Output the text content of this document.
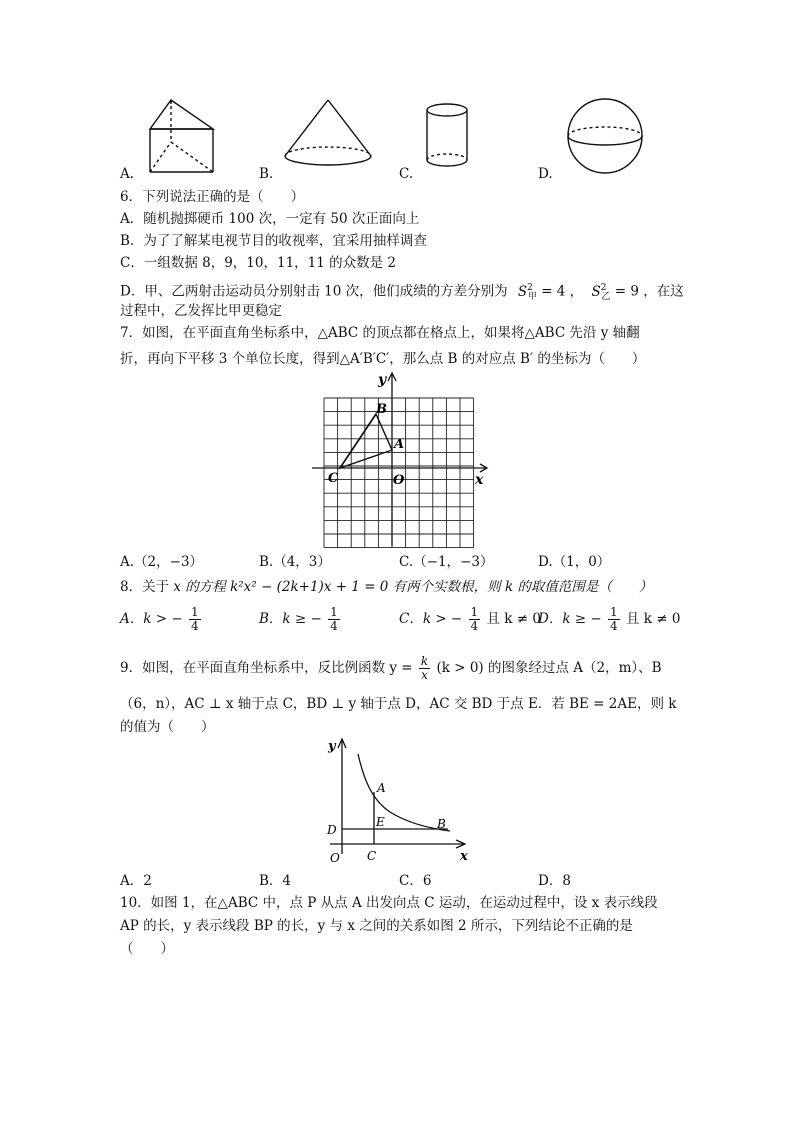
A.	B.	C.	D.
6．下列说法正确的是（　　）
A．随机抛掷硬币 100 次，一定有 50 次正面向上
B．为了了解某电视节目的收视率，宜采用抽样调查
C．一组数据 8，9，10，11，11 的众数是 2
D．甲、乙两射击运动员分别射击 10 次，他们成绩的方差分别为 $S^2_甲 = 4$ ， $S^2_乙 = 9$ ，在这
过程中，乙发挥比甲更稳定
7．如图，在平面直角坐标系中，△ABC 的顶点都在格点上，如果将△ABC 先沿 y 轴翻
折，再向下平移 3 个单位长度，得到△A′B′C′，那么点 B 的对应点 B′ 的坐标为（　　）
y
x
O
B
A
C
A.（2，−3）	B.（4，3）	C.（−1，−3）	D.（1，0）
8．关于 x 的方程 k²x² − (2k+1)x + 1 = 0 有两个实数根，则 k 的取值范围是（　　）
A．k > − $\frac{1}{4}$	B．k ≥ − $\frac{1}{4}$	C．k > − $\frac{1}{4}$ 且 k ≠ 0
D．k ≥ − $\frac{1}{4}$ 且 k ≠ 0
9．如图，在平面直角坐标系中，反比例函数 $y = \frac{k}{x} (k > 0)$ 的图象经过点 A（2，m）、B
（6，n），AC ⊥ x 轴于点 C，BD ⊥ y 轴于点 D，AC 交 BD 于点 E．若 BE = 2AE，则 k
的值为（　　）
y
x
O
A
B
C
D
E
A．2	B．4	C．6	D．8
10．如图 1，在△ABC 中，点 P 从点 A 出发向点 C 运动，在运动过程中，设 x 表示线段
AP 的长，y 表示线段 BP 的长，y 与 x 之间的关系如图 2 所示，下列结论不正确的是
（　　）
